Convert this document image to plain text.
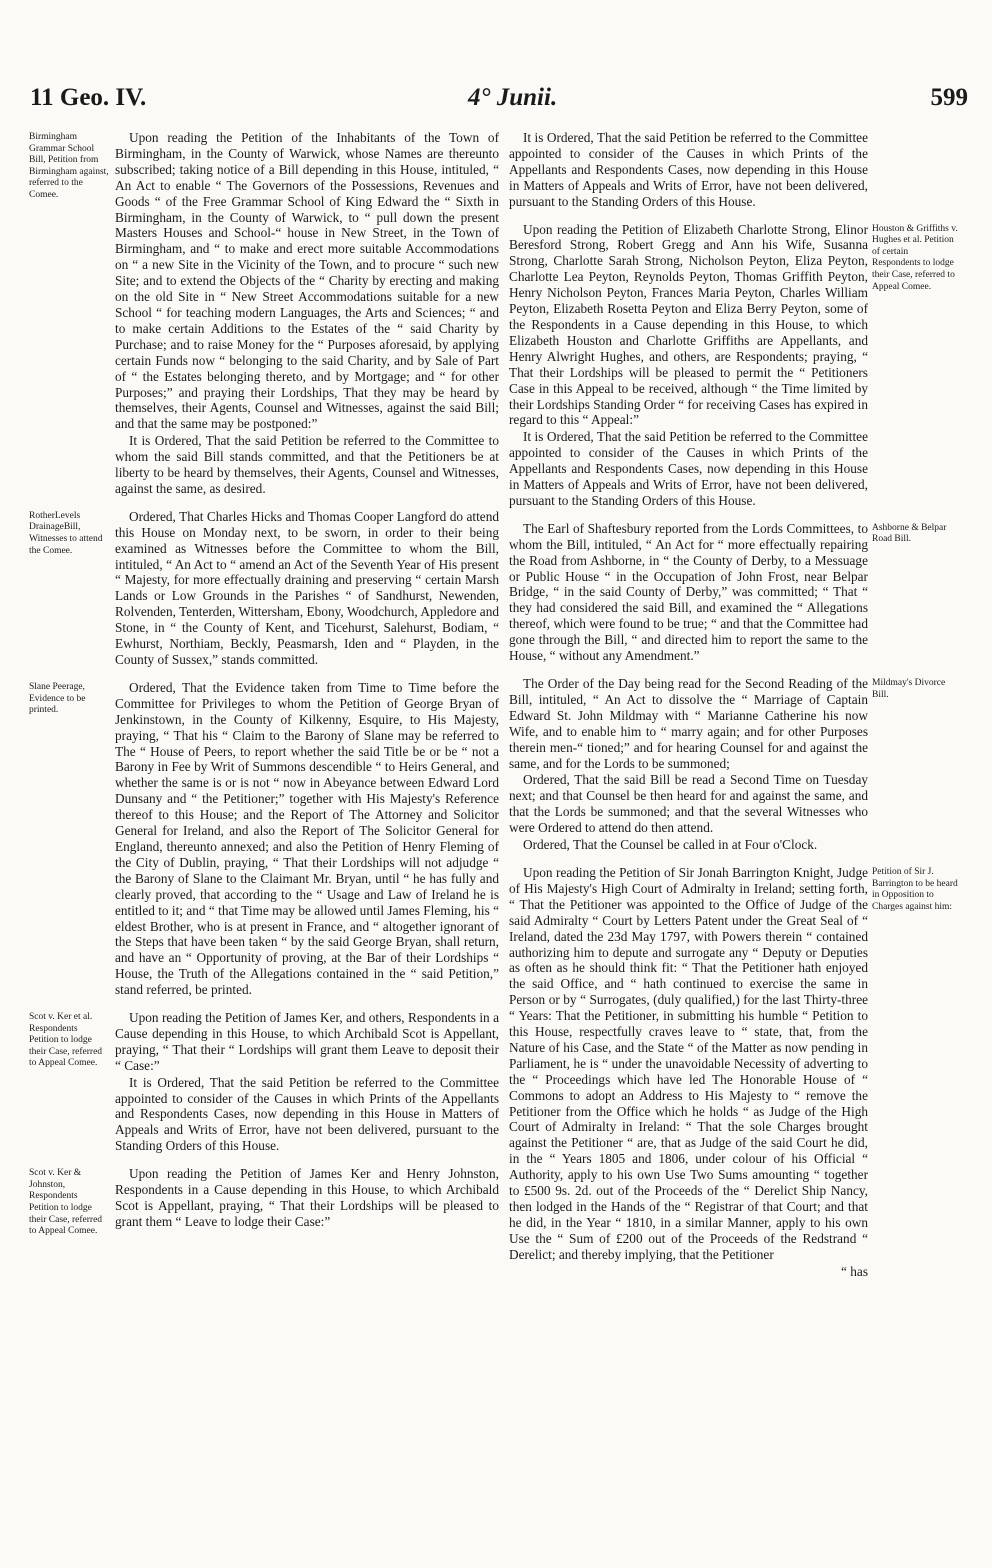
11 Geo. IV.	4° Junii.	599
Birmingham Grammar School Bill, Petition from Birmingham against, referred to the Comee.

Upon reading the Petition of the Inhabitants of the Town of Birmingham, in the County of Warwick, whose Names are thereunto subscribed; taking notice of a Bill depending in this House, intituled, “ An Act to enable “ The Governors of the Possessions, Revenues and Goods “ of the Free Grammar School of King Edward the “ Sixth in Birmingham, in the County of Warwick, to “ pull down the present Masters Houses and School-“ house in New Street, in the Town of Birmingham, and “ to make and erect more suitable Accommodations on “ a new Site in the Vicinity of the Town, and to procure “ such new Site; and to extend the Objects of the “ Charity by erecting and making on the old Site in “ New Street Accommodations suitable for a new School “ for teaching modern Languages, the Arts and Sciences; “ and to make certain Additions to the Estates of the “ said Charity by Purchase; and to raise Money for the “ Purposes aforesaid, by applying certain Funds now “ belonging to the said Charity, and by Sale of Part of “ the Estates belonging thereto, and by Mortgage; and “ for other Purposes;” and praying their Lordships, That they may be heard by themselves, their Agents, Counsel and Witnesses, against the said Bill; and that the same may be postponed:”

It is Ordered, That the said Petition be referred to the Committee to whom the said Bill stands committed, and that the Petitioners be at liberty to be heard by themselves, their Agents, Counsel and Witnesses, against the same, as desired.

RotherLevels DrainageBill, Witnesses to attend the Comee.

Ordered, That Charles Hicks and Thomas Cooper Langford do attend this House on Monday next, to be sworn, in order to their being examined as Witnesses before the Committee to whom the Bill, intituled, “ An Act to “ amend an Act of the Seventh Year of His present “ Majesty, for more effectually draining and preserving “ certain Marsh Lands or Low Grounds in the Parishes “ of Sandhurst, Newenden, Rolvenden, Tenterden, Wittersham, Ebony, Woodchurch, Appledore and Stone, in “ the County of Kent, and Ticehurst, Salehurst, Bodiam, “ Ewhurst, Northiam, Beckly, Peasmarsh, Iden and “ Playden, in the County of Sussex,” stands committed.

Slane Peerage, Evidence to be printed.

Ordered, That the Evidence taken from Time to Time before the Committee for Privileges to whom the Petition of George Bryan of Jenkinstown, in the County of Kilkenny, Esquire, to His Majesty, praying, “ That his “ Claim to the Barony of Slane may be referred to The “ House of Peers, to report whether the said Title be or be “ not a Barony in Fee by Writ of Summons descendible “ to Heirs General, and whether the same is or is not “ now in Abeyance between Edward Lord Dunsany and “ the Petitioner;” together with His Majesty's Reference thereof to this House; and the Report of The Attorney and Solicitor General for Ireland, and also the Report of The Solicitor General for England, thereunto annexed; and also the Petition of Henry Fleming of the City of Dublin, praying, “ That their Lordships will not adjudge “ the Barony of Slane to the Claimant Mr. Bryan, until “ he has fully and clearly proved, that according to the “ Usage and Law of Ireland he is entitled to it; and “ that Time may be allowed until James Fleming, his “ eldest Brother, who is at present in France, and “ altogether ignorant of the Steps that have been taken “ by the said George Bryan, shall return, and have an “ Opportunity of proving, at the Bar of their Lordships “ House, the Truth of the Allegations contained in the “ said Petition,” stand referred, be printed.

Scot v. Ker et al. Respondents Petition to lodge their Case, referred to Appeal Comee.

Upon reading the Petition of James Ker, and others, Respondents in a Cause depending in this House, to which Archibald Scot is Appellant, praying, “ That their “ Lordships will grant them Leave to deposit their “ Case:”

It is Ordered, That the said Petition be referred to the Committee appointed to consider of the Causes in which Prints of the Appellants and Respondents Cases, now depending in this House in Matters of Appeals and Writs of Error, have not been delivered, pursuant to the Standing Orders of this House.

Scot v. Ker & Johnston, Respondents Petition to lodge their Case, referred to Appeal Comee.

Upon reading the Petition of James Ker and Henry Johnston, Respondents in a Cause depending in this House, to which Archibald Scot is Appellant, praying, “ That their Lordships will be pleased to grant them “ Leave to lodge their Case:”

It is Ordered, That the said Petition be referred to the Committee appointed to consider of the Causes in which Prints of the Appellants and Respondents Cases, now depending in this House in Matters of Appeals and Writs of Error, have not been delivered, pursuant to the Standing Orders of this House.

Houston & Griffiths v. Hughes et al. Petition of certain Respondents to lodge their Case, referred to Appeal Comee.

Upon reading the Petition of Elizabeth Charlotte Strong, Elinor Beresford Strong, Robert Gregg and Ann his Wife, Susanna Strong, Charlotte Sarah Strong, Nicholson Peyton, Eliza Peyton, Charlotte Lea Peyton, Reynolds Peyton, Thomas Griffith Peyton, Henry Nicholson Peyton, Frances Maria Peyton, Charles William Peyton, Elizabeth Rosetta Peyton and Eliza Berry Peyton, some of the Respondents in a Cause depending in this House, to which Elizabeth Houston and Charlotte Griffiths are Appellants, and Henry Alwright Hughes, and others, are Respondents; praying, “ That their Lordships will be pleased to permit the “ Petitioners Case in this Appeal to be received, although “ the Time limited by their Lordships Standing Order “ for receiving Cases has expired in regard to this “ Appeal:”

It is Ordered, That the said Petition be referred to the Committee appointed to consider of the Causes in which Prints of the Appellants and Respondents Cases, now depending in this House in Matters of Appeals and Writs of Error, have not been delivered, pursuant to the Standing Orders of this House.

Ashborne & Belpar Road Bill.

The Earl of Shaftesbury reported from the Lords Committees, to whom the Bill, intituled, “ An Act for “ more effectually repairing the Road from Ashborne, in “ the County of Derby, to a Messuage or Public House “ in the Occupation of John Frost, near Belpar Bridge, “ in the said County of Derby,” was committed; “ That “ they had considered the said Bill, and examined the “ Allegations thereof, which were found to be true; “ and that the Committee had gone through the Bill, “ and directed him to report the same to the House, “ without any Amendment.”

Mildmay's Divorce Bill.

The Order of the Day being read for the Second Reading of the Bill, intituled, “ An Act to dissolve the “ Marriage of Captain Edward St. John Mildmay with “ Marianne Catherine his now Wife, and to enable him to “ marry again; and for other Purposes therein men-“ tioned;” and for hearing Counsel for and against the same, and for the Lords to be summoned;

Ordered, That the said Bill be read a Second Time on Tuesday next; and that Counsel be then heard for and against the same, and that the Lords be summoned; and that the several Witnesses who were Ordered to attend do then attend.

Ordered, That the Counsel be called in at Four o'Clock.

Petition of Sir J. Barrington to be heard in Opposition to Charges against him:

Upon reading the Petition of Sir Jonah Barrington Knight, Judge of His Majesty's High Court of Admiralty in Ireland; setting forth, “ That the Petitioner was appointed to the Office of Judge of the said Admiralty “ Court by Letters Patent under the Great Seal of “ Ireland, dated the 23d May 1797, with Powers therein “ contained authorizing him to depute and surrogate any “ Deputy or Deputies as often as he should think fit: “ That the Petitioner hath enjoyed the said Office, and “ hath continued to exercise the same in Person or by “ Surrogates, (duly qualified,) for the last Thirty-three “ Years: That the Petitioner, in submitting his humble “ Petition to this House, respectfully craves leave to “ state, that, from the Nature of his Case, and the State “ of the Matter as now pending in Parliament, he is “ under the unavoidable Necessity of adverting to the “ Proceedings which have led The Honorable House of “ Commons to adopt an Address to His Majesty to “ remove the Petitioner from the Office which he holds “ as Judge of the High Court of Admiralty in Ireland: “ That the sole Charges brought against the Petitioner “ are, that as Judge of the said Court he did, in the “ Years 1805 and 1806, under colour of his Official “ Authority, apply to his own Use Two Sums amounting “ together to £500 9s. 2d. out of the Proceeds of the “ Derelict Ship Nancy, then lodged in the Hands of the “ Registrar of that Court; and that he did, in the Year “ 1810, in a similar Manner, apply to his own Use the “ Sum of £200 out of the Proceeds of the Redstrand “ Derelict; and thereby implying, that the Petitioner

“ has
